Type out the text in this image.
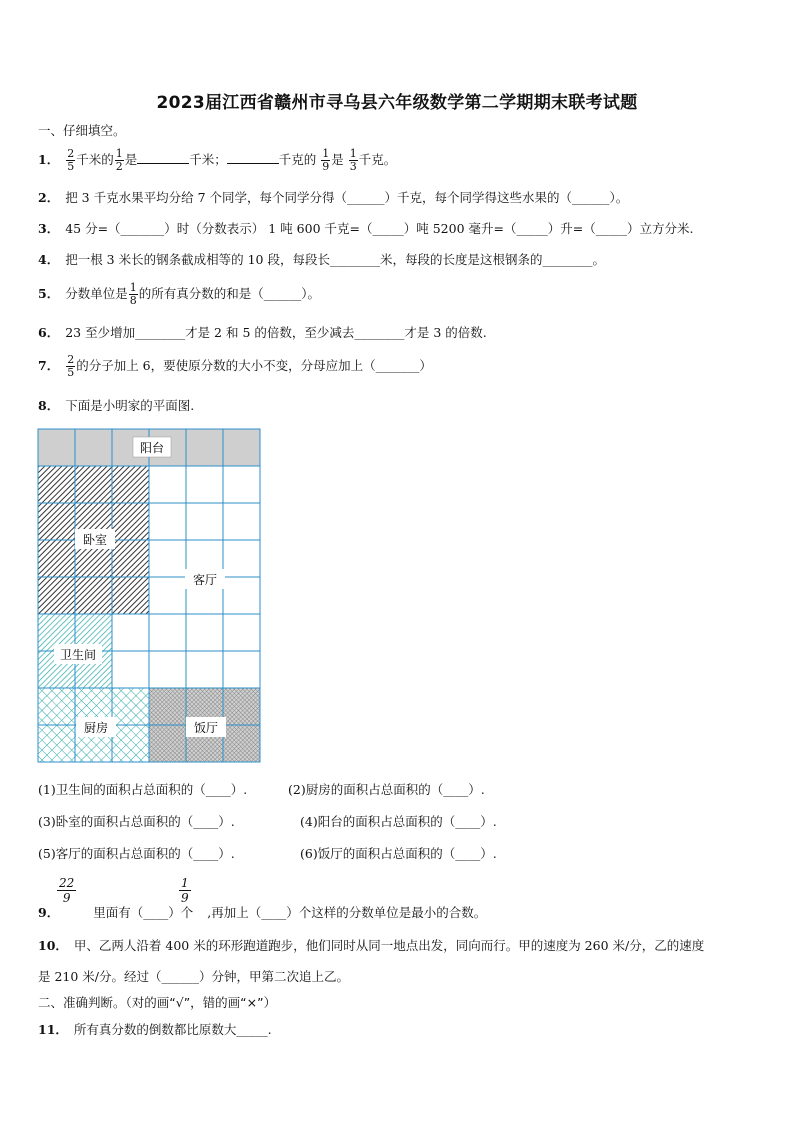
2023届江西省赣州市寻乌县六年级数学第二学期期末联考试题
一、仔细填空。
1． $\frac{2}{5}$ 千米的 $\frac{1}{2}$ 是	千米；	千克的 $\frac{1}{9}$ 是 $\frac{1}{3}$ 千克。
2． 把 3 千克水果平均分给 7 个同学，每个同学分得（______）千克，每个同学得这些水果的（______）。
3． 45 分=（_______）时（分数表示） 1 吨 600 千克=（_____）吨 5200 毫升=（_____）升=（_____）立方分米.
4． 把一根 3 米长的钢条截成相等的 10 段，每段长________米，每段的长度是这根钢条的________。
5． 分数单位是 $\frac{1}{8}$ 的所有真分数的和是（______）。
6． 23 至少增加________才是 2 和 5 的倍数，至少减去________才是 3 的倍数.
7． $\frac{2}{5}$ 的分子加上 6，要使原分数的大小不变，分母应加上（_______）
8． 下面是小明家的平面图.
阳台
卧室
客厅
卫生间
厨房	饭厅
(1)卫生间的面积占总面积的（____）.	(2)厨房的面积占总面积的（____）.
(3)卧室的面积占总面积的（____）.	(4)阳台的面积占总面积的（____）.
(5)客厅的面积占总面积的（____）.	(6)饭厅的面积占总面积的（____）.
22
9
1
9
9．	里面有（____）个 ,再加上（____）个这样的分数单位是最小的合数。
10． 甲、乙两人沿着 400 米的环形跑道跑步，他们同时从同一地点出发，同向而行。甲的速度为 260 米/分，乙的速度
是 210 米/分。经过（______）分钟，甲第二次追上乙。
二、准确判断。（对的画“√”，错的画“×”）
11． 所有真分数的倒数都比原数大_____.
